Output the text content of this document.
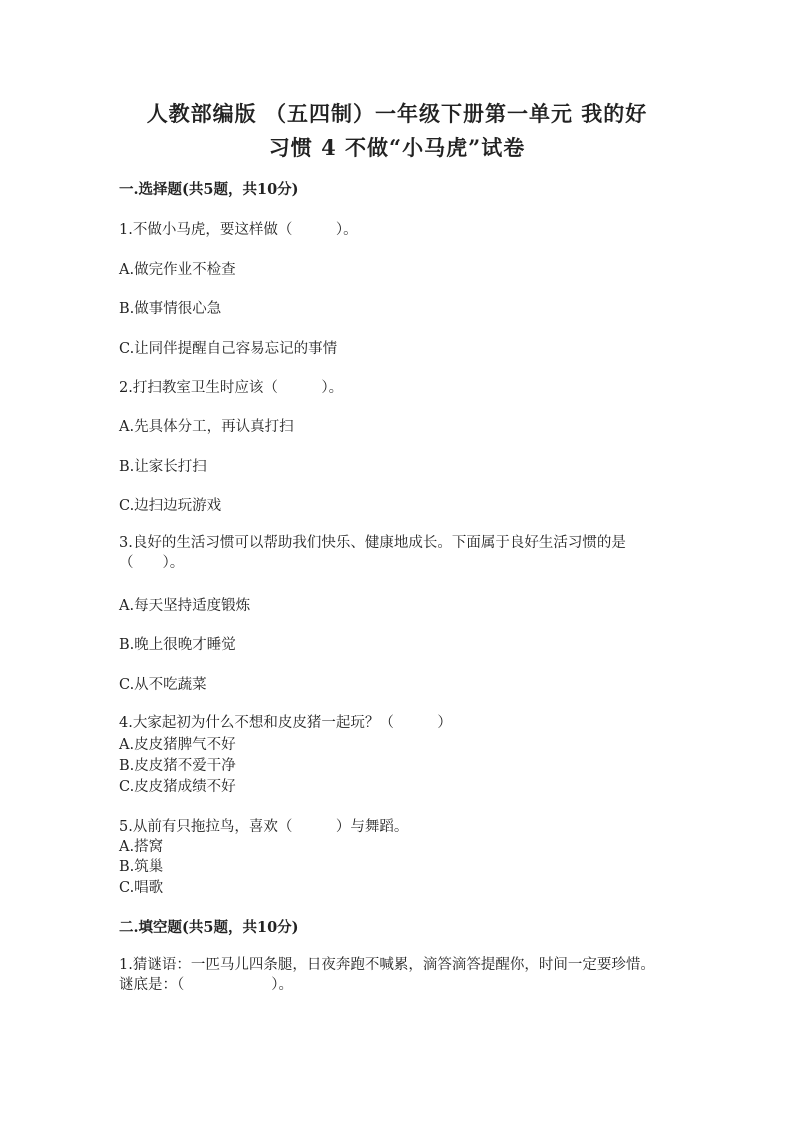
人教部编版 （五四制）一年级下册第一单元 我的好
习惯 4 不做“小马虎”试卷
一.选择题(共5题，共10分)
1.不做小马虎，要这样做（　　　）。
A.做完作业不检查
B.做事情很心急
C.让同伴提醒自己容易忘记的事情
2.打扫教室卫生时应该（　　　）。
A.先具体分工，再认真打扫
B.让家长打扫
C.边扫边玩游戏
3.良好的生活习惯可以帮助我们快乐、健康地成长。下面属于良好生活习惯的是（　　）。
A.每天坚持适度锻炼
B.晚上很晚才睡觉
C.从不吃蔬菜
4.大家起初为什么不想和皮皮猪一起玩？（　　　）
A.皮皮猪脾气不好
B.皮皮猪不爱干净
C.皮皮猪成绩不好
5.从前有只拖拉鸟，喜欢（　　　）与舞蹈。
A.搭窝
B.筑巢
C.唱歌
二.填空题(共5题，共10分)
1.猜谜语：一匹马儿四条腿，日夜奔跑不喊累，滴答滴答提醒你，时间一定要珍惜。谜底是：（　　　　　　）。
